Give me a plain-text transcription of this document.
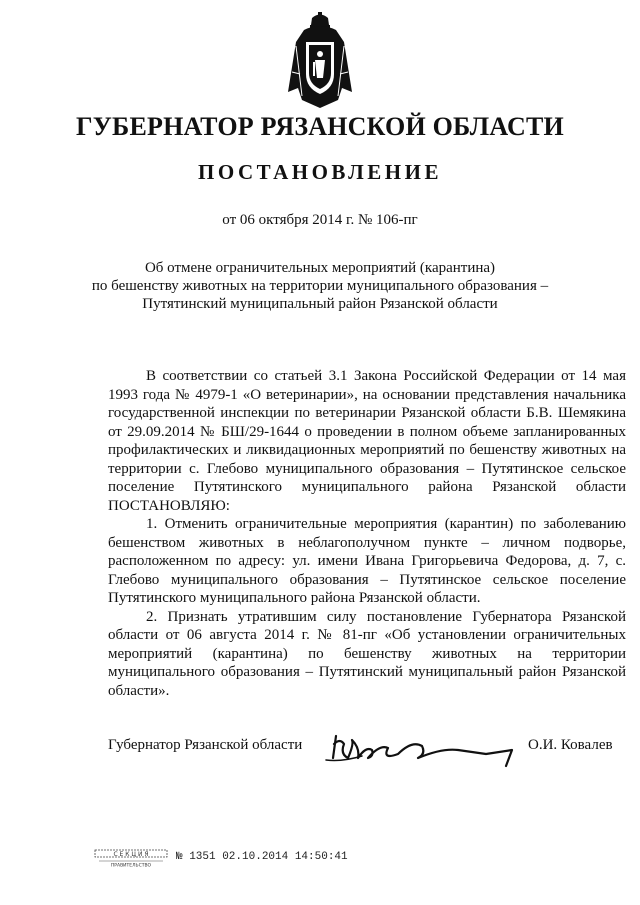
ГУБЕРНАТОР РЯЗАНСКОЙ ОБЛАСТИ
ПОСТАНОВЛЕНИЕ
от 06 октября 2014 г. № 106-пг
Об отмене ограничительных мероприятий (карантина)
по бешенству животных на территории муниципального образования –
Путятинский муниципальный район Рязанской области

В соответствии со статьей 3.1 Закона Российской Федерации от 14 мая 1993 года № 4979-1 «О ветеринарии», на основании представления начальника государственной инспекции по ветеринарии Рязанской области Б.В. Шемякина от 29.09.2014 № БШ/29-1644 о проведении в полном объеме запланированных профилактических и ликвидационных мероприятий по бешенству животных на территории с. Глебово муниципального образования – Путятинское сельское поселение Путятинского муниципального района Рязанской области ПОСТАНОВЛЯЮ:

1. Отменить ограничительные мероприятия (карантин) по заболеванию бешенством животных в неблагополучном пункте – личном подворье, расположенном по адресу: ул. имени Ивана Григорьевича Федорова, д. 7, с. Глебово муниципального образования – Путятинское сельское поселение Путятинского муниципального района Рязанской области.

2. Признать утратившим силу постановление Губернатора Рязанской области от 06 августа 2014 г. № 81-пг «Об установлении ограничительных мероприятий (карантина) по бешенству животных на территории муниципального образования – Путятинский муниципальный район Рязанской области».

Губернатор Рязанской области	О.И. Ковалев
С Е К Ц И Я
ПРАВИТЕЛЬСТВО
№ 1351 02.10.2014 14:50:41
